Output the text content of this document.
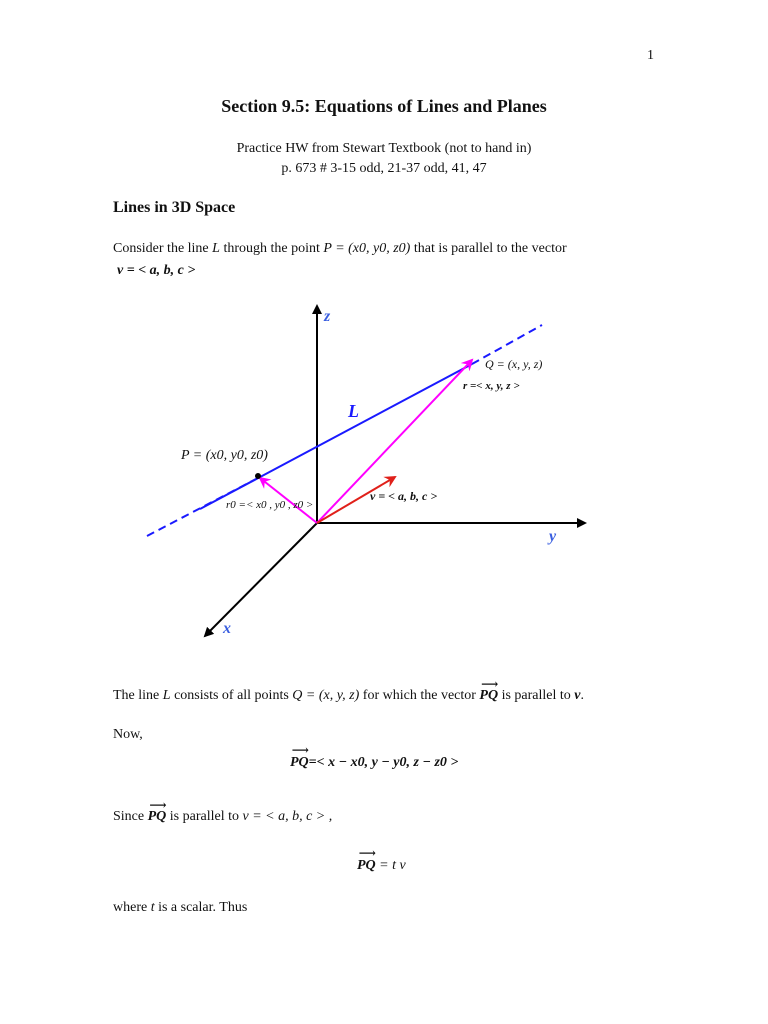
1
Section 9.5: Equations of Lines and Planes
Practice HW from Stewart Textbook (not to hand in)
p. 673 # 3-15 odd, 21-37 odd, 41, 47
Lines in 3D Space
Consider the line L through the point P = (x0, y0, z0) that is parallel to the vector
v = < a, b, c >
z
y
x
L
P = (x0, y0, z0)
Q = (x, y, z)
r =< x, y, z >
r0 =< x0 , y0 , z0 >
v = < a, b, c >
The line L consists of all points Q = (x, y, z) for which the vector
⟶
PQ is parallel to v.
Now,
⟶
PQ=< x − x0, y − y0, z − z0 >
Since
⟶
PQ is parallel to v = < a, b, c > ,
⟶
PQ = t v
where t is a scalar. Thus
